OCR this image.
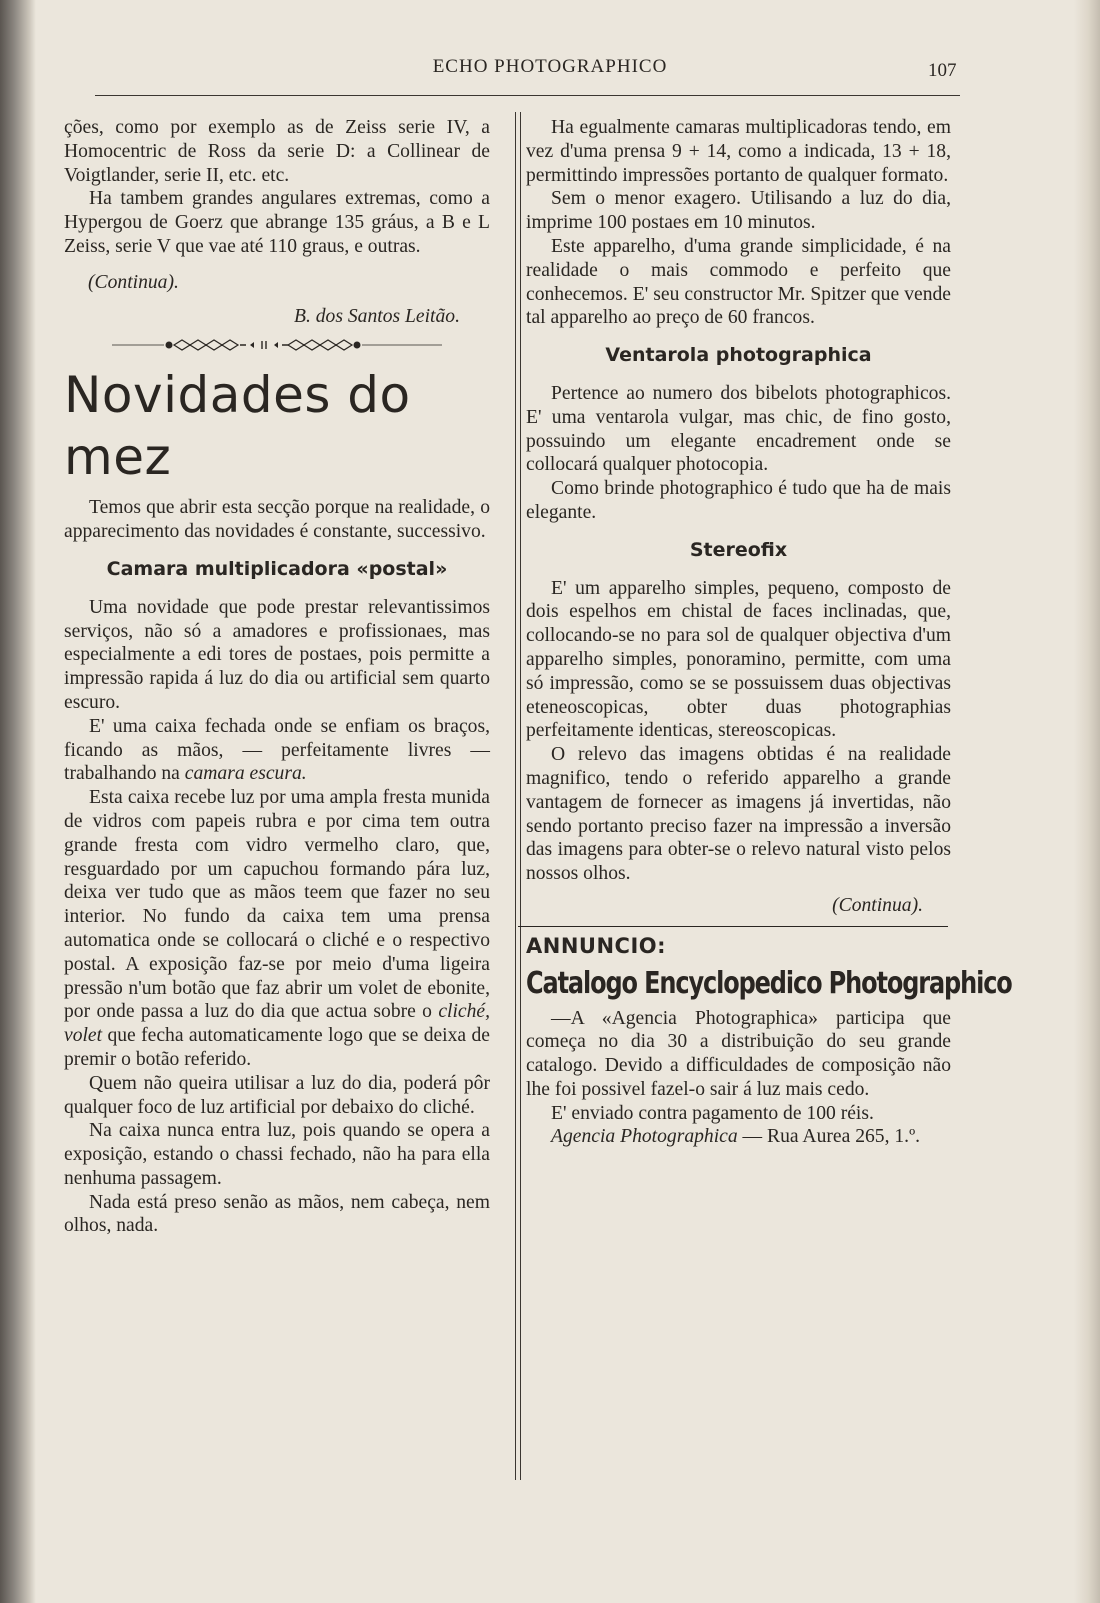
ECHO PHOTOGRAPHICO	107

ções, como por exemplo as de Zeiss serie IV, a Homocentric de Ross da serie D: a Collinear de Voigtlander, serie II, etc. etc.

Ha tambem grandes angulares extremas, como a Hypergou de Goerz que abrange 135 gráus, a B e L Zeiss, serie V que vae até 110 graus, e outras.

(Continua).
B. dos Santos Leitão.
Novidades do mez

Temos que abrir esta secção porque na realidade, o apparecimento das novidades é constante, successivo.

Camara multiplicadora «postal»

Uma novidade que pode prestar relevantissimos serviços, não só a amadores e profissionaes, mas especialmente a edi tores de postaes, pois permitte a impressão rapida á luz do dia ou artificial sem quarto escuro.

E' uma caixa fechada onde se enfiam os braços, ficando as mãos, — perfeitamente livres — trabalhando na camara escura.

Esta caixa recebe luz por uma ampla fresta munida de vidros com papeis rubra e por cima tem outra grande fresta com vidro vermelho claro, que, resguardado por um capuchou formando pára luz, deixa ver tudo que as mãos teem que fazer no seu interior. No fundo da caixa tem uma prensa automatica onde se collocará o cliché e o respectivo postal. A exposição faz-se por meio d'uma ligeira pressão n'um botão que faz abrir um volet de ebonite, por onde passa a luz do dia que actua sobre o cliché, volet que fecha automaticamente logo que se deixa de premir o botão referido.

Quem não queira utilisar a luz do dia, poderá pôr qualquer foco de luz artificial por debaixo do cliché.

Na caixa nunca entra luz, pois quando se opera a exposição, estando o chassi fechado, não ha para ella nenhuma passagem.

Nada está preso senão as mãos, nem cabeça, nem olhos, nada.

Ha egualmente camaras multiplicadoras tendo, em vez d'uma prensa 9 + 14, como a indicada, 13 + 18, permittindo impressões portanto de qualquer formato.

Sem o menor exagero. Utilisando a luz do dia, imprime 100 postaes em 10 minutos.

Este apparelho, d'uma grande simplicidade, é na realidade o mais commodo e perfeito que conhecemos. E' seu constructor Mr. Spitzer que vende tal apparelho ao preço de 60 francos.

Ventarola photographica

Pertence ao numero dos bibelots photographicos. E' uma ventarola vulgar, mas chic, de fino gosto, possuindo um elegante encadrement onde se collocará qualquer photocopia.

Como brinde photographico é tudo que ha de mais elegante.

Stereofix

E' um apparelho simples, pequeno, composto de dois espelhos em chistal de faces inclinadas, que, collocando-se no para sol de qualquer objectiva d'um apparelho simples, ponoramino, permitte, com uma só impressão, como se se possuissem duas objectivas eteneoscopicas, obter duas photographias perfeitamente identicas, stereoscopicas.

O relevo das imagens obtidas é na realidade magnifico, tendo o referido apparelho a grande vantagem de fornecer as imagens já invertidas, não sendo portanto preciso fazer na impressão a inversão das imagens para obter-se o relevo natural visto pelos nossos olhos.

(Continua).
ANNUNCIO:
Catalogo Encyclopedico Photographico

—A «Agencia Photographica» participa que começa no dia 30 a distribuição do seu grande catalogo. Devido a difficuldades de composição não lhe foi possivel fazel-o sair á luz mais cedo.

E' enviado contra pagamento de 100 réis.

Agencia Photographica — Rua Aurea 265, 1.º.
